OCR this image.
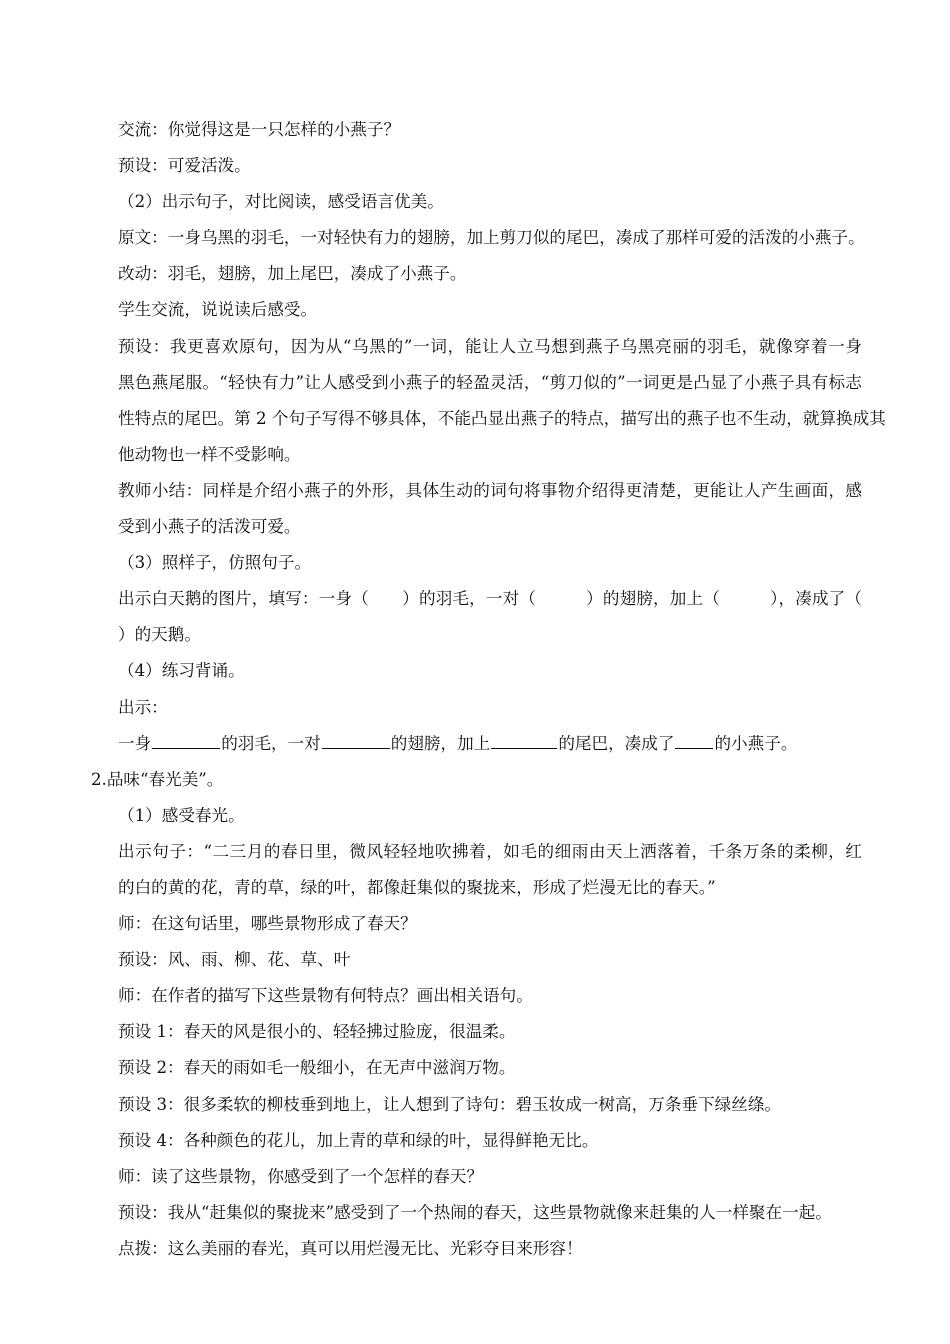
交流：你觉得这是一只怎样的小燕子？
预设：可爱活泼。
（2）出示句子，对比阅读，感受语言优美。
原文：一身乌黑的羽毛，一对轻快有力的翅膀，加上剪刀似的尾巴，凑成了那样可爱的活泼的小燕子。
改动：羽毛，翅膀，加上尾巴，凑成了小燕子。
学生交流，说说读后感受。
预设：我更喜欢原句，因为从“乌黑的”一词，能让人立马想到燕子乌黑亮丽的羽毛，就像穿着一身
黑色燕尾服。“轻快有力”让人感受到小燕子的轻盈灵活，“剪刀似的”一词更是凸显了小燕子具有标志
性特点的尾巴。第 2 个句子写得不够具体，不能凸显出燕子的特点，描写出的燕子也不生动，就算换成其
他动物也一样不受影响。
教师小结：同样是介绍小燕子的外形，具体生动的词句将事物介绍得更清楚，更能让人产生画面，感
受到小燕子的活泼可爱。
（3）照样子，仿照句子。
出示白天鹅的图片，填写：一身（　　）的羽毛，一对（　　　）的翅膀，加上（　　　），凑成了（
）的天鹅。
（4）练习背诵。
出示：
一身	的羽毛，一对	的翅膀，加上	的尾巴，凑成了 的小燕子。
2.品味“春光美”。
（1）感受春光。
出示句子：“二三月的春日里，微风轻轻地吹拂着，如毛的细雨由天上洒落着，千条万条的柔柳，红
的白的黄的花，青的草，绿的叶，都像赶集似的聚拢来，形成了烂漫无比的春天。”
师：在这句话里，哪些景物形成了春天？
预设：风、雨、柳、花、草、叶
师：在作者的描写下这些景物有何特点？画出相关语句。
预设 1：春天的风是很小的、轻轻拂过脸庞，很温柔。
预设 2：春天的雨如毛一般细小，在无声中滋润万物。
预设 3：很多柔软的柳枝垂到地上，让人想到了诗句：碧玉妆成一树高，万条垂下绿丝绦。
预设 4：各种颜色的花儿，加上青的草和绿的叶，显得鲜艳无比。
师：读了这些景物，你感受到了一个怎样的春天？
预设：我从“赶集似的聚拢来”感受到了一个热闹的春天，这些景物就像来赶集的人一样聚在一起。
点拨：这么美丽的春光，真可以用烂漫无比、光彩夺目来形容！
